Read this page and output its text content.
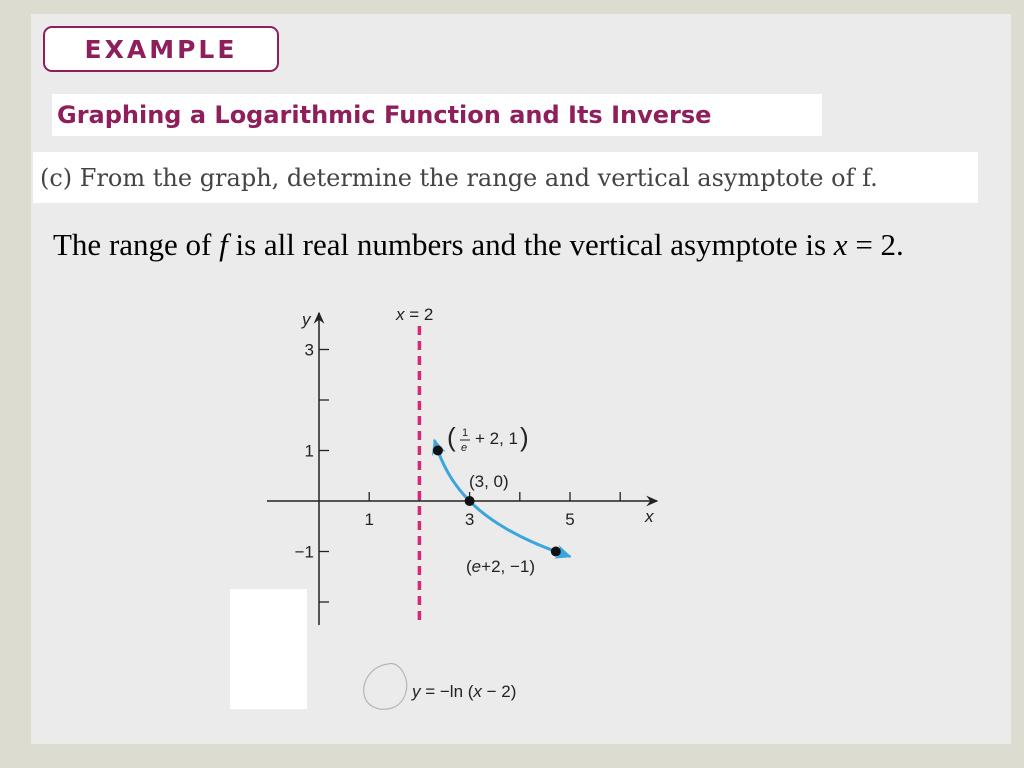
EXAMPLE
Graphing a Logarithmic Function and Its Inverse
(c) From the graph, determine the range and vertical asymptote of f.
The range of f is all real numbers and the vertical asymptote is x = 2.
x
y
1	3	5
−1
1
3
x = 2
( 1
e + 2, 1 )
(3, 0)
(e+2, −1)
y = −ln (x − 2)
